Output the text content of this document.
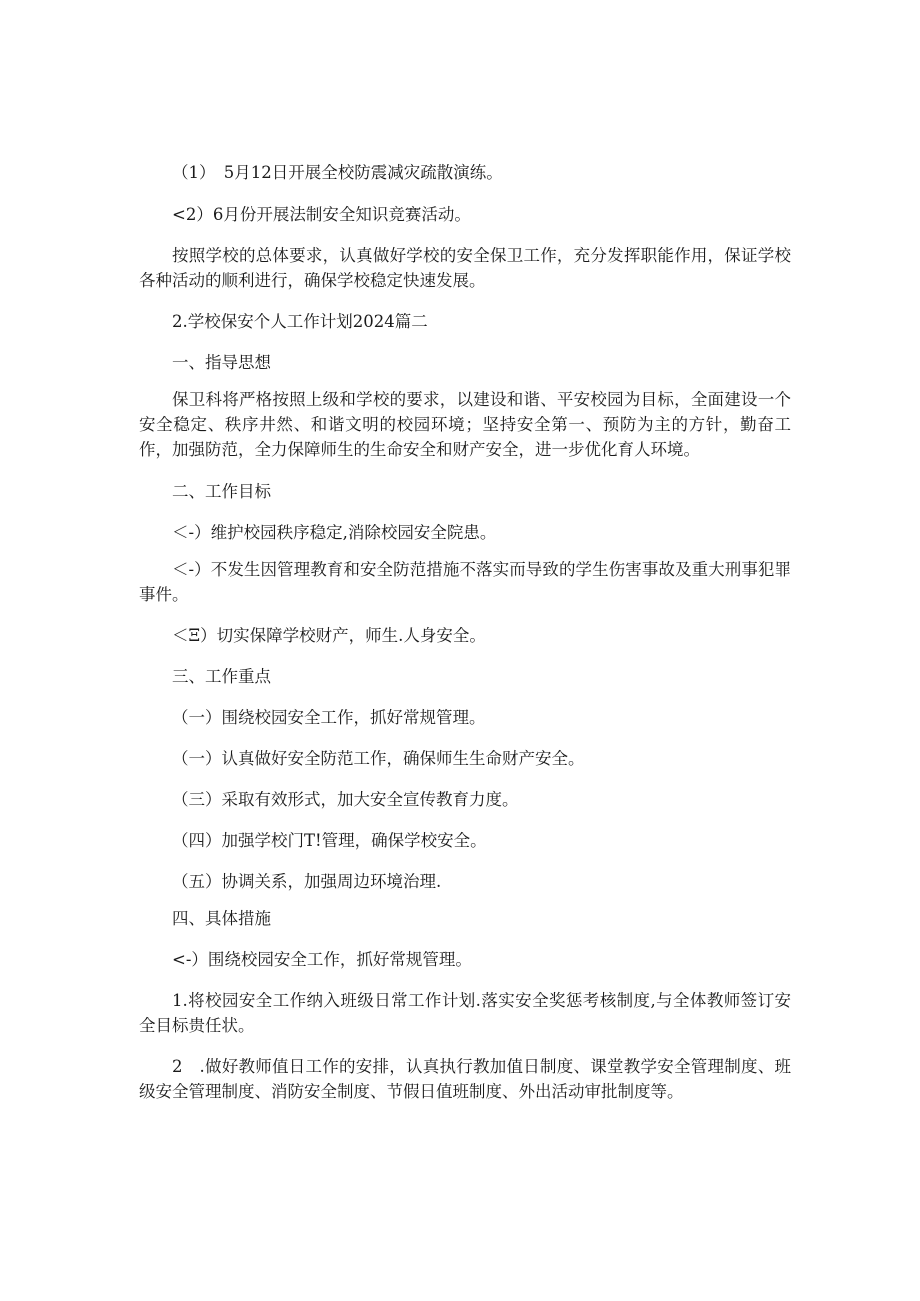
（1）　5月12日开展全校防震减灾疏散演练。

<2）6月份开展法制安全知识竞赛活动。

按照学校的总体要求，认真做好学校的安全保卫工作，充分发挥职能作用，保证学校各种活动的顺利进行，确保学校稳定快速发展。

2.学校保安个人工作计划2024篇二

一、指导思想

保卫科将严格按照上级和学校的要求，以建设和谐、平安校园为目标，全面建设一个安全稳定、秩序井然、和谐文明的校园环境；坚持安全第一、预防为主的方针，勤奋工作，加强防范，全力保障师生的生命安全和财产安全，进一步优化育人环境。

二、工作目标

＜-）维护校园秩序稳定,消除校园安全院患。

＜-）不发生因管理教育和安全防范措施不落实而导致的学生伤害事故及重大刑事犯罪事件。

＜Ξ）切实保障学校财产，师生.人身安全。

三、工作重点

（一）围绕校园安全工作，抓好常规管理。

（一）认真做好安全防范工作，确保师生生命财产安全。

（三）采取有效形式，加大安全宣传教育力度。

（四）加强学校门T!管理，确保学校安全。

（五）协调关系，加强周边环境治理.

四、具体措施

<-）围绕校园安全工作，抓好常规管理。

1.将校园安全工作纳入班级日常工作计划.落实安全奖惩考核制度,与全体教师签订安全目标贵任状。

2　.做好教师值日工作的安排，认真执行教加值日制度、课堂教学安全管理制度、班级安全管理制度、消防安全制度、节假日值班制度、外出活动审批制度等。
